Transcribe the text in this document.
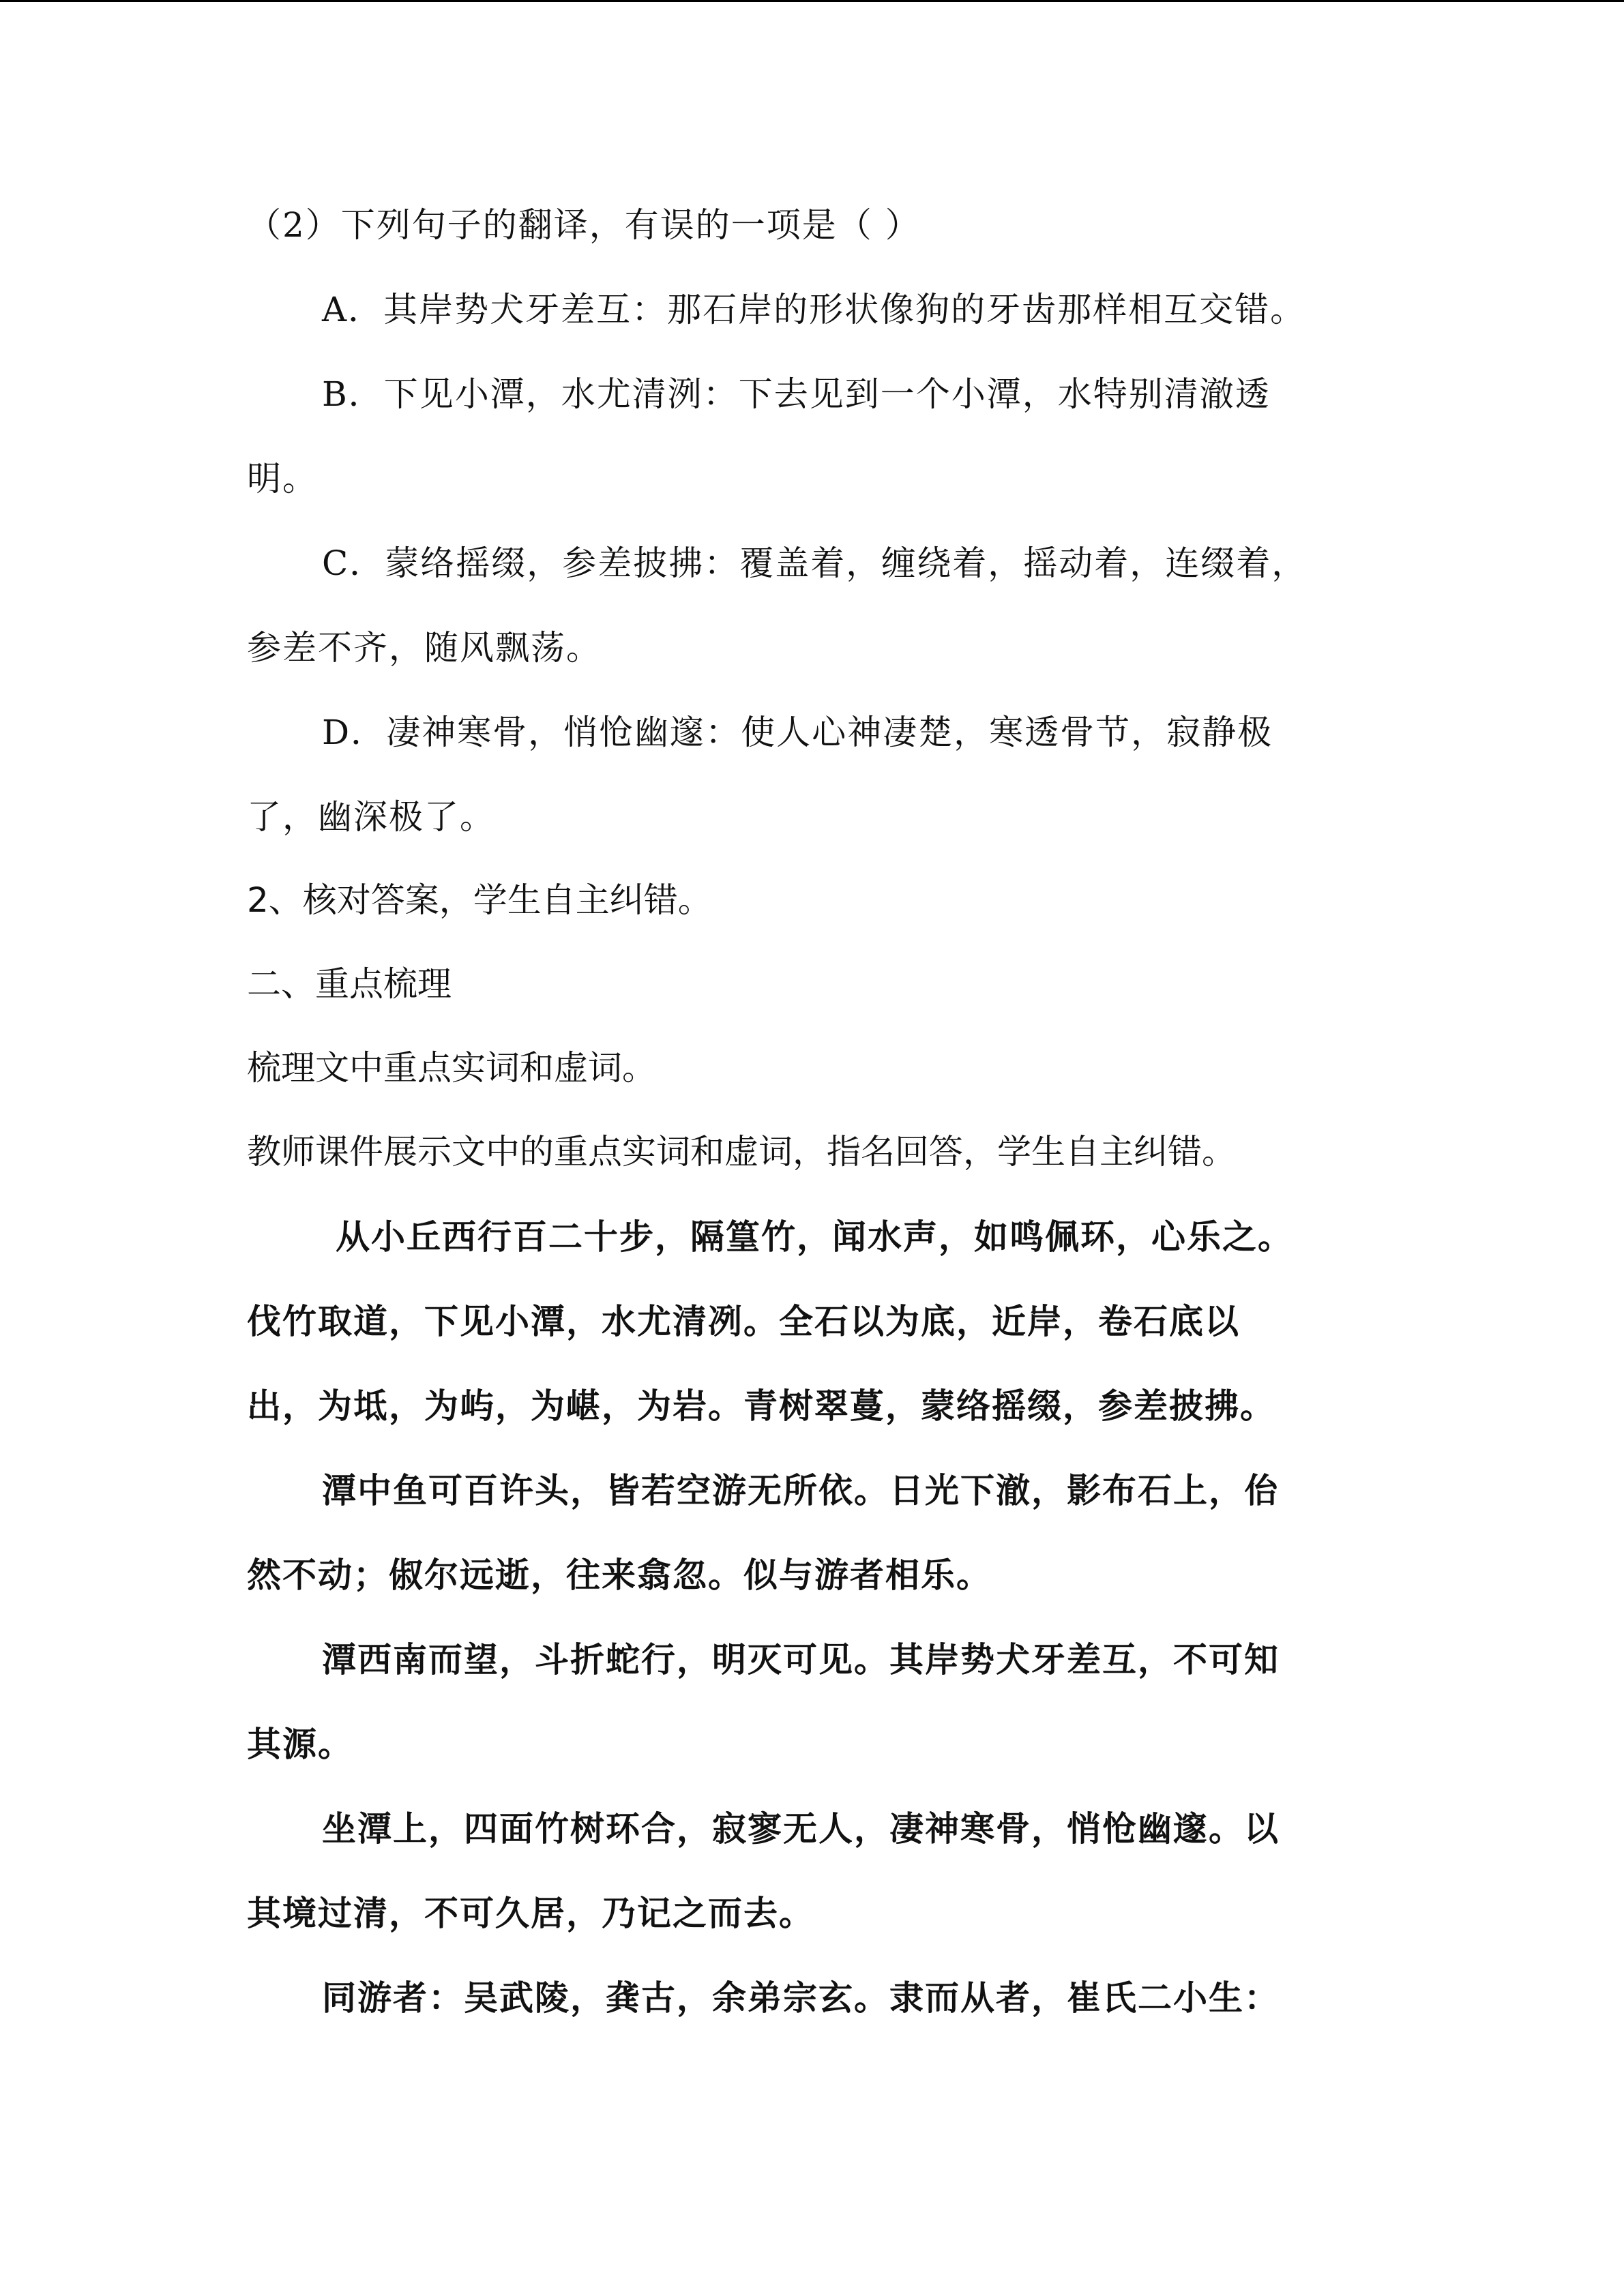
（2）下列句子的翻译，有误的一项是（ ）
A．其岸势犬牙差互：那石岸的形状像狗的牙齿那样相互交错。
B．下见小潭，水尤清洌：下去见到一个小潭，水特别清澈透
明。
C．蒙络摇缀，参差披拂：覆盖着，缠绕着，摇动着，连缀着，
参差不齐，随风飘荡。
D．凄神寒骨，悄怆幽邃：使人心神凄楚，寒透骨节，寂静极
了，幽深极了。
2、核对答案，学生自主纠错。
二、重点梳理
梳理文中重点实词和虚词。
教师课件展示文中的重点实词和虚词，指名回答，学生自主纠错。
从小丘西行百二十步，隔篁竹，闻水声，如鸣佩环，心乐之。
伐竹取道，下见小潭，水尤清冽。全石以为底，近岸，卷石底以
出，为坻，为屿，为嵁，为岩。青树翠蔓，蒙络摇缀，参差披拂。
潭中鱼可百许头，皆若空游无所依。日光下澈，影布石上，佁
然不动；俶尔远逝，往来翕忽。似与游者相乐。
潭西南而望，斗折蛇行，明灭可见。其岸势犬牙差互，不可知
其源。
坐潭上，四面竹树环合，寂寥无人，凄神寒骨，悄怆幽邃。以
其境过清，不可久居，乃记之而去。
同游者：吴武陵，龚古，余弟宗玄。隶而从者，崔氏二小生：
